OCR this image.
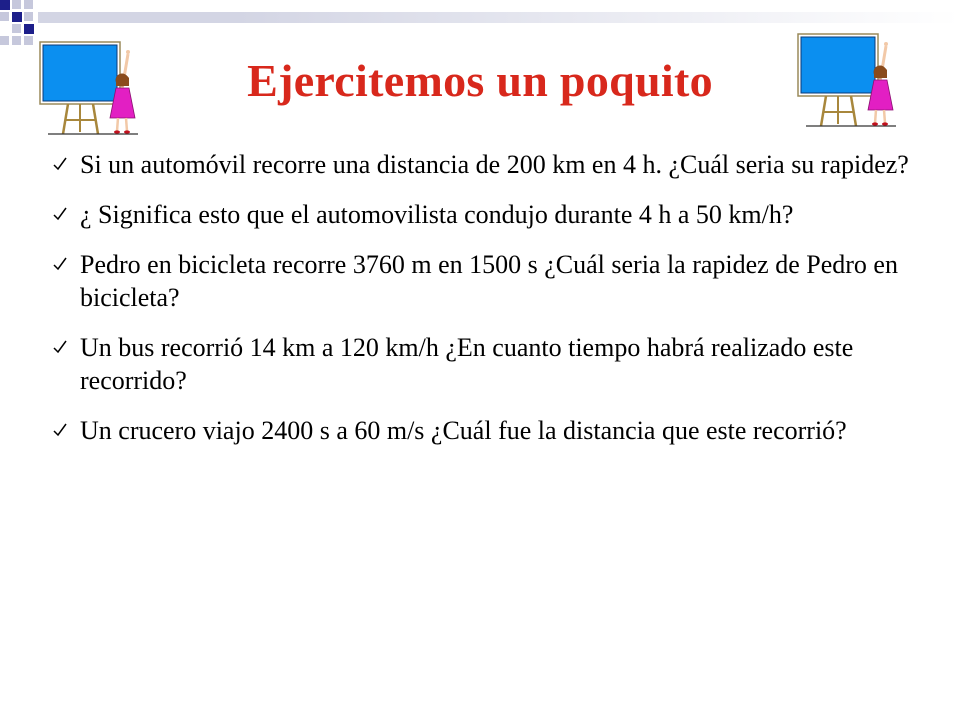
Ejercitemos un poquito
Si un automóvil recorre una distancia de 200 km en 4 h. ¿Cuál seria su rapidez?
¿ Significa esto que el automovilista condujo durante 4 h a 50 km/h?
Pedro en bicicleta recorre 3760 m en 1500 s ¿Cuál seria la rapidez de Pedro en bicicleta?
Un bus recorrió 14 km a 120 km/h ¿En cuanto tiempo habrá realizado este recorrido?
Un crucero viajo 2400 s a 60 m/s ¿Cuál fue la distancia que este recorrió?
